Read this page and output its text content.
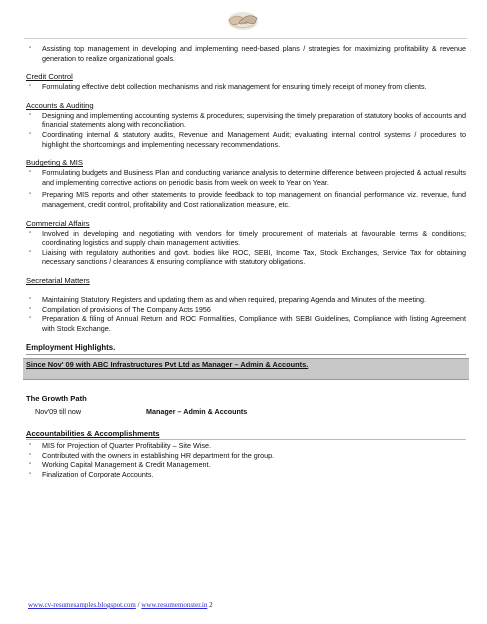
▫ Assisting top management in developing and implementing need-based plans / strategies for maximizing profitability & revenue generation to realize organizational goals.

Credit Control

▫ Formulating effective debt collection mechanisms and risk management for ensuring timely receipt of money from clients.

Accounts & Auditing

▫ Designing and implementing accounting systems & procedures; supervising the timely preparation of statutory books of accounts and financial statements along with reconciliation.
▫ Coordinating internal & statutory audits, Revenue and Management Audit; evaluating internal control systems / procedures to highlight the shortcomings and implementing necessary recommendations.

Budgeting & MIS

▫ Formulating budgets and Business Plan and conducting variance analysis to determine difference between projected & actual results and implementing corrective actions on periodic basis from week on week to Year on Year.
▫ Preparing MIS reports and other statements to provide feedback to top management on financial performance viz. revenue, fund management, credit control, profitability and Cost rationalization measure, etc.

Commercial Affairs

▫ Involved in developing and negotiating with vendors for timely procurement of materials at favourable terms & conditions; coordinating logistics and supply chain management activities.
▫ Liaising with regulatory authorities and govt. bodies like ROC, SEBI, Income Tax, Stock Exchanges, Service Tax for obtaining necessary sanctions / clearances & ensuring compliance with statutory obligations.

Secretarial Matters

▫ Maintaining Statutory Registers and updating them as and when required, preparing Agenda and Minutes of the meeting.
▫ Compilation of provisions of The Company Acts 1956
▫ Preparation & filing of Annual Return and ROC Formalities, Compliance with SEBI Guidelines, Compliance with listing Agreement with Stock Exchange.
Employment Highlights.
Since Nov' 09 with ABC Infrastructures Pvt Ltd as Manager – Admin & Accounts.
The Growth Path
Nov'09 till now	Manager – Admin & Accounts
Accountabilities & Accomplishments
▫ MIS for Projection of Quarter Profitability – Site Wise.
▫ Contributed with the owners in establishing HR department for the group.
▫ Working Capital Management & Credit Management.
▫ Finalization of Corporate Accounts.
www.cv-resumesamples.blogspot.com / www.resumemonster.in 2
